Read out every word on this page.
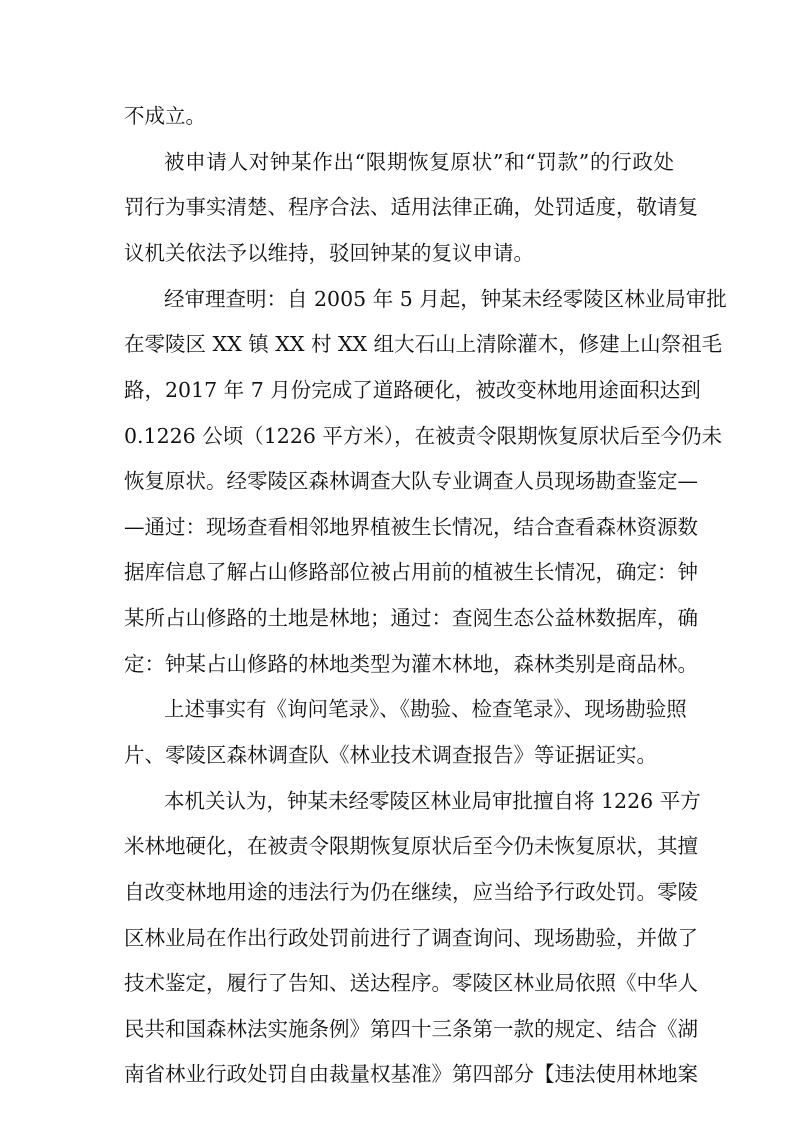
不成立。
被申请人对钟某作出“限期恢复原状”和“罚款”的行政处
罚行为事实清楚、程序合法、适用法律正确，处罚适度，敬请复
议机关依法予以维持，驳回钟某的复议申请。
经审理查明：自 2005 年 5 月起，钟某未经零陵区林业局审批
在零陵区 XX 镇 XX 村 XX 组大石山上清除灌木，修建上山祭祖毛
路，2017 年 7 月份完成了道路硬化，被改变林地用途面积达到
0.1226 公顷（1226 平方米），在被责令限期恢复原状后至今仍未
恢复原状。经零陵区森林调查大队专业调查人员现场勘查鉴定—
—通过：现场查看相邻地界植被生长情况，结合查看森林资源数
据库信息了解占山修路部位被占用前的植被生长情况，确定：钟
某所占山修路的土地是林地；通过：查阅生态公益林数据库，确
定：钟某占山修路的林地类型为灌木林地，森林类别是商品林。
上述事实有《询问笔录》、《勘验、检查笔录》、现场勘验照
片、零陵区森林调查队《林业技术调查报告》等证据证实。
本机关认为，钟某未经零陵区林业局审批擅自将 1226 平方
米林地硬化，在被责令限期恢复原状后至今仍未恢复原状，其擅
自改变林地用途的违法行为仍在继续，应当给予行政处罚。零陵
区林业局在作出行政处罚前进行了调查询问、现场勘验，并做了
技术鉴定，履行了告知、送达程序。零陵区林业局依照《中华人
民共和国森林法实施条例》第四十三条第一款的规定、结合《湖
南省林业行政处罚自由裁量权基准》第四部分【违法使用林地案
